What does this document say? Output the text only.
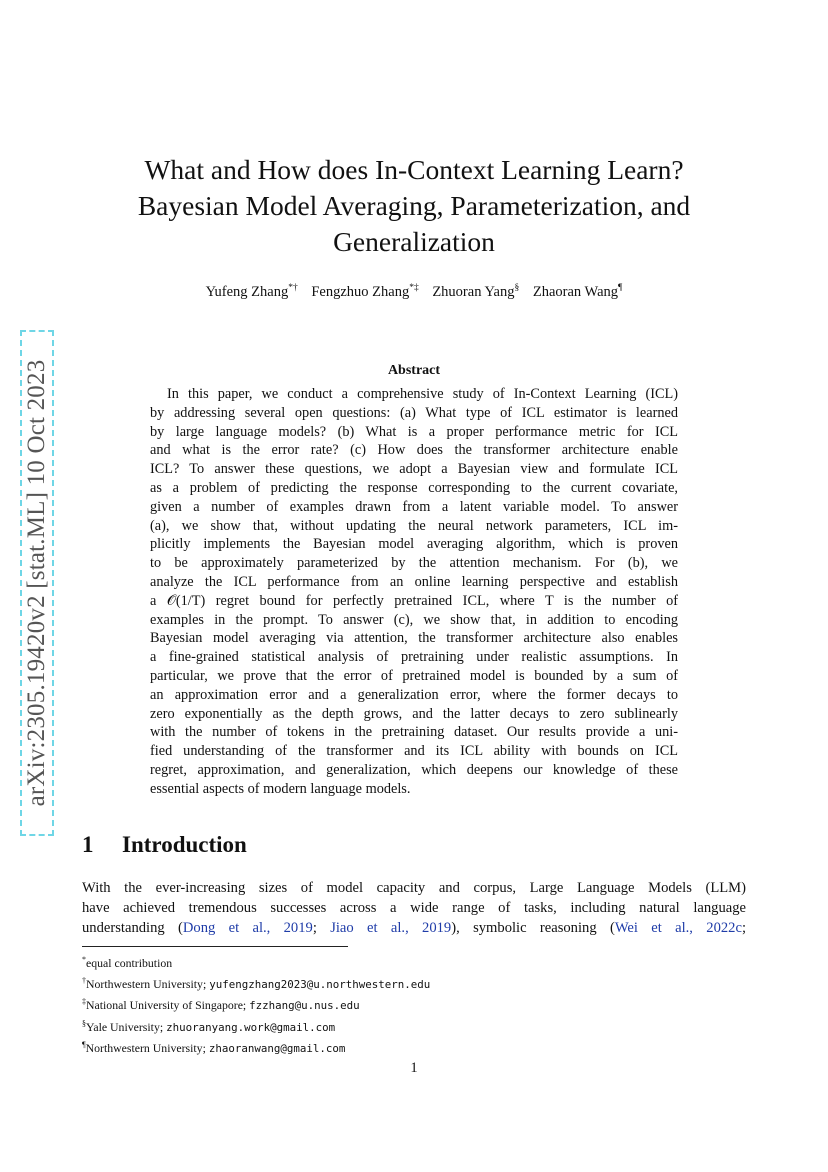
arXiv:2305.19420v2 [stat.ML] 10 Oct 2023
What and How does In-Context Learning Learn?
Bayesian Model Averaging, Parameterization, and
Generalization
Yufeng Zhang*† Fengzhuo Zhang*‡ Zhuoran Yang§ Zhaoran Wang¶
Abstract
In this paper, we conduct a comprehensive study of In-Context Learning (ICL)
by addressing several open questions: (a) What type of ICL estimator is learned
by large language models? (b) What is a proper performance metric for ICL
and what is the error rate? (c) How does the transformer architecture enable
ICL? To answer these questions, we adopt a Bayesian view and formulate ICL
as a problem of predicting the response corresponding to the current covariate,
given a number of examples drawn from a latent variable model. To answer
(a), we show that, without updating the neural network parameters, ICL im-
plicitly implements the Bayesian model averaging algorithm, which is proven
to be approximately parameterized by the attention mechanism. For (b), we
analyze the ICL performance from an online learning perspective and establish
a 𝒪(1/T) regret bound for perfectly pretrained ICL, where T is the number of
examples in the prompt. To answer (c), we show that, in addition to encoding
Bayesian model averaging via attention, the transformer architecture also enables
a fine-grained statistical analysis of pretraining under realistic assumptions. In
particular, we prove that the error of pretrained model is bounded by a sum of
an approximation error and a generalization error, where the former decays to
zero exponentially as the depth grows, and the latter decays to zero sublinearly
with the number of tokens in the pretraining dataset. Our results provide a uni-
fied understanding of the transformer and its ICL ability with bounds on ICL
regret, approximation, and generalization, which deepens our knowledge of these
essential aspects of modern language models.
1 Introduction
With the ever-increasing sizes of model capacity and corpus, Large Language Models (LLM)
have achieved tremendous successes across a wide range of tasks, including natural language
understanding (Dong et al., 2019; Jiao et al., 2019), symbolic reasoning (Wei et al., 2022c;
*equal contribution
†Northwestern University; yufengzhang2023@u.northwestern.edu
‡National University of Singapore; fzzhang@u.nus.edu
§Yale University; zhuoranyang.work@gmail.com
¶Northwestern University; zhaoranwang@gmail.com
1
